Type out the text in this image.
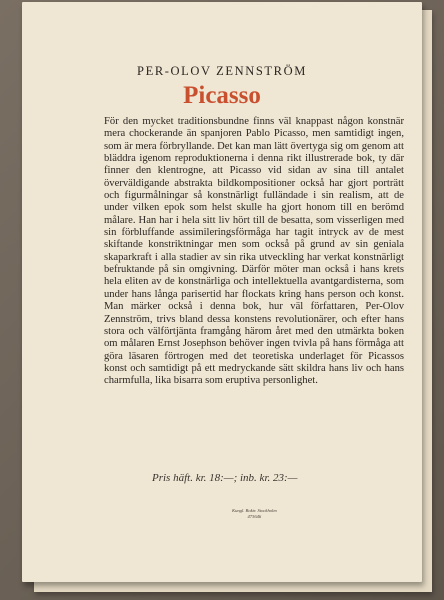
PER-OLOV ZENNSTRÖM
Picasso
För den mycket traditionsbundne finns väl knappast någon konstnär mera chockerande än spanjoren Pablo Picasso, men samtidigt ingen, som är mera förbryllande. Det kan man lätt övertyga sig om genom att bläddra igenom reproduktionerna i denna rikt illustrerade bok, ty där finner den klentrogne, att Picasso vid sidan av sina till antalet överväldigande abstrakta bildkompositioner också har gjort porträtt och figurmålningar så konstnärligt fulländade i sin realism, att de under vilken epok som helst skulle ha gjort honom till en berömd målare. Han har i hela sitt liv hört till de besatta, som visserligen med sin förbluffande assimileringsförmåga har tagit intryck av de mest skiftande konstriktningar men som också på grund av sin geniala skaparkraft i alla stadier av sin rika utveckling har verkat konstnärligt befruktande på sin omgivning. Därför möter man också i hans krets hela eliten av de konstnärliga och intellektuella avantgardisterna, som under hans långa parisertid har flockats kring hans person och konst. Man märker också i denna bok, hur väl författaren, Per-Olov Zennström, trivs bland dessa konstens revolutionärer, och efter hans stora och välförtjänta framgång härom året med den utmärkta boken om målaren Ernst Josephson behöver ingen tvivla på hans förmåga att göra läsaren förtrogen med det teoretiska underlaget för Picassos konst och samtidigt på ett medryckande sätt skildra hans liv och hans charmfulla, lika bisarra som eruptiva personlighet.
Pris häft. kr. 18:—; inb. kr. 23:—
Kungl. Boktr. Stockholm
473646
